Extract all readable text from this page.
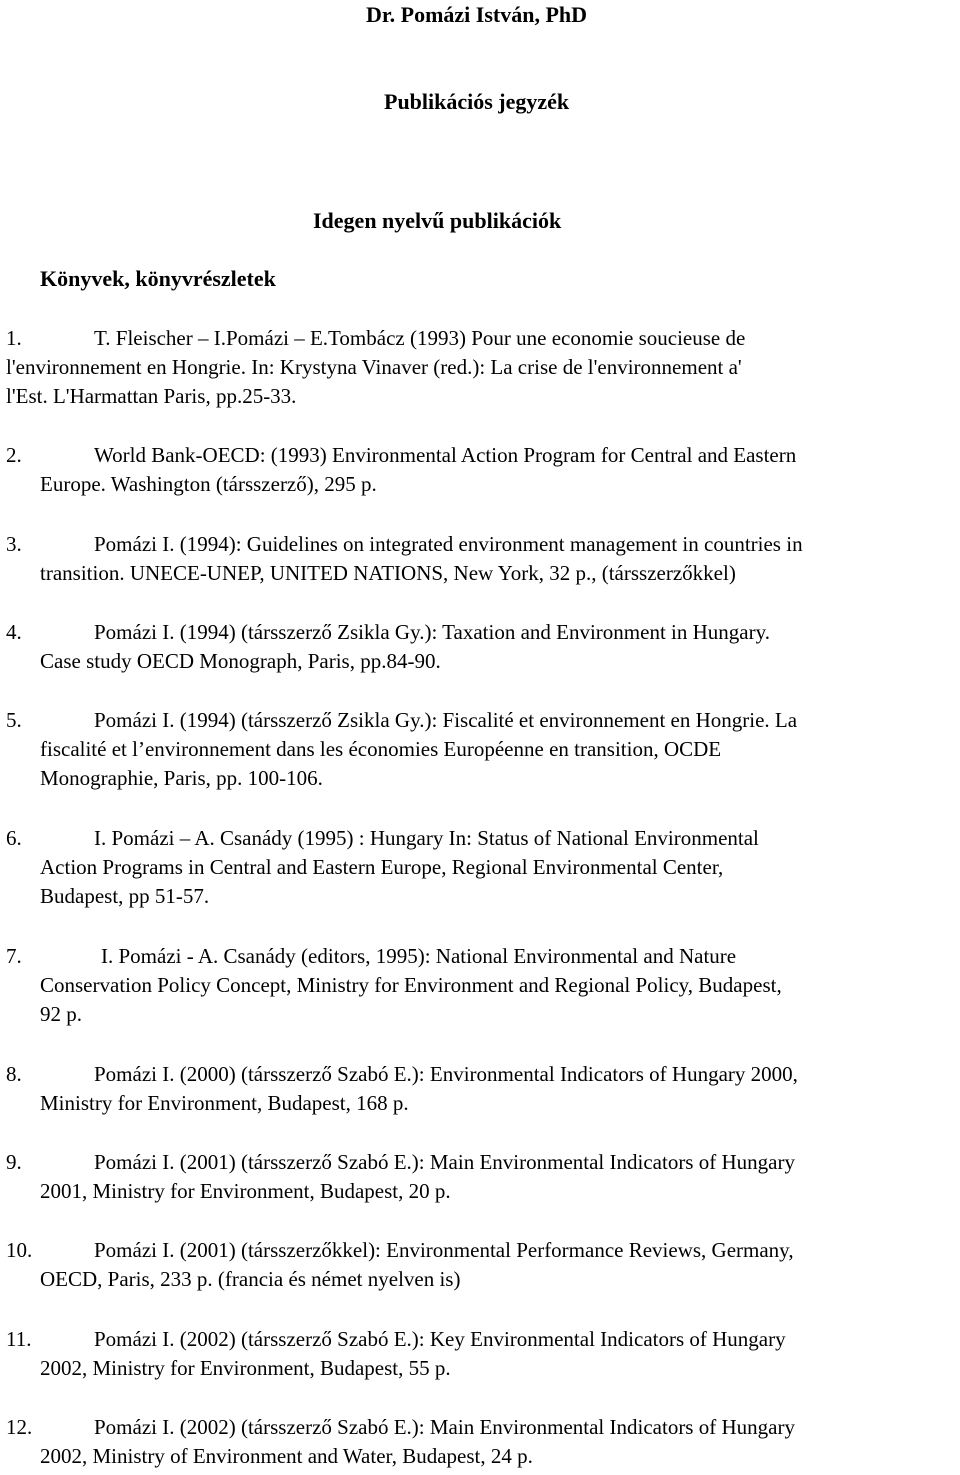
Dr. Pomázi István, PhD
Publikációs jegyzék
Idegen nyelvű publikációk
Könyvek, könyvrészletek
1.	T. Fleischer – I.Pomázi – E.Tombácz (1993) Pour une economie soucieuse de
l'environnement en Hongrie. In: Krystyna Vinaver (red.): La crise de l'environnement a'
l'Est. L'Harmattan Paris, pp.25-33.
2.	World Bank-OECD: (1993) Environmental Action Program for Central and Eastern
Europe. Washington (társszerző), 295 p.
3.	Pomázi I. (1994): Guidelines on integrated environment management in countries in
transition. UNECE-UNEP, UNITED NATIONS, New York, 32 p., (társszerzőkkel)
4.	Pomázi I. (1994) (társszerző Zsikla Gy.): Taxation and Environment in Hungary.
Case study OECD Monograph, Paris, pp.84-90.
5.	Pomázi I. (1994) (társszerző Zsikla Gy.): Fiscalité et environnement en Hongrie. La
fiscalité et l’environnement dans les économies Européenne en transition, OCDE
Monographie, Paris, pp. 100-106.
6.	I. Pomázi – A. Csanády (1995) : Hungary In: Status of National Environmental
Action Programs in Central and Eastern Europe, Regional Environmental Center,
Budapest, pp 51-57.
7.	I. Pomázi - A. Csanády (editors, 1995): National Environmental and Nature
Conservation Policy Concept, Ministry for Environment and Regional Policy, Budapest,
92 p.
8.	Pomázi I. (2000) (társszerző Szabó E.): Environmental Indicators of Hungary 2000,
Ministry for Environment, Budapest, 168 p.
9.	Pomázi I. (2001) (társszerző Szabó E.): Main Environmental Indicators of Hungary
2001, Ministry for Environment, Budapest, 20 p.
10.	Pomázi I. (2001) (társszerzőkkel): Environmental Performance Reviews, Germany,
OECD, Paris, 233 p. (francia és német nyelven is)
11.	Pomázi I. (2002) (társszerző Szabó E.): Key Environmental Indicators of Hungary
2002, Ministry for Environment, Budapest, 55 p.
12.	Pomázi I. (2002) (társszerző Szabó E.): Main Environmental Indicators of Hungary
2002, Ministry of Environment and Water, Budapest, 24 p.
